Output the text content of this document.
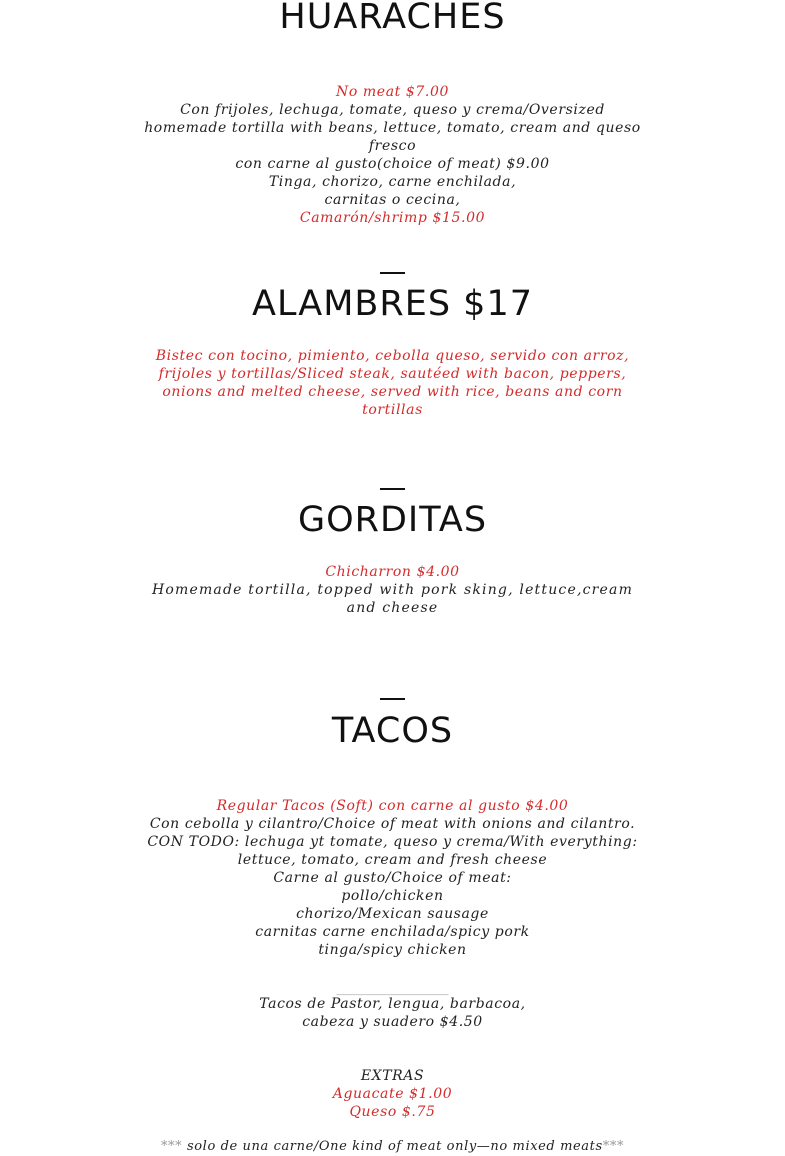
HUARACHES
No meat $7.00
Con frijoles, lechuga, tomate, queso y crema/Oversized
homemade tortilla with beans, lettuce, tomato, cream and queso
fresco
con carne al gusto(choice of meat) $9.00
Tinga, chorizo, carne enchilada,
carnitas o cecina,
Camarón/shrimp $15.00
ALAMBRES $17
Bistec con tocino, pimiento, cebolla queso, servido con arroz,
frijoles y tortillas/Sliced steak, sautéed with bacon, peppers,
onions and melted cheese, served with rice, beans and corn
tortillas
GORDITAS
Chicharron $4.00
Homemade tortilla, topped with pork sking, lettuce,cream
and cheese
TACOS
Regular Tacos (Soft) con carne al gusto $4.00
Con cebolla y cilantro/Choice of meat with onions and cilantro.
CON TODO: lechuga yt tomate, queso y crema/With everything:
lettuce, tomato, cream and fresh cheese
Carne al gusto/Choice of meat:
pollo/chicken
chorizo/Mexican sausage
carnitas carne enchilada/spicy pork
tinga/spicy chicken
________________
Tacos de Pastor, lengua, barbacoa,
cabeza y suadero $4.50
EXTRAS
Aguacate $1.00
Queso $.75
*** solo de una carne/One kind of meat only—no mixed meats***
